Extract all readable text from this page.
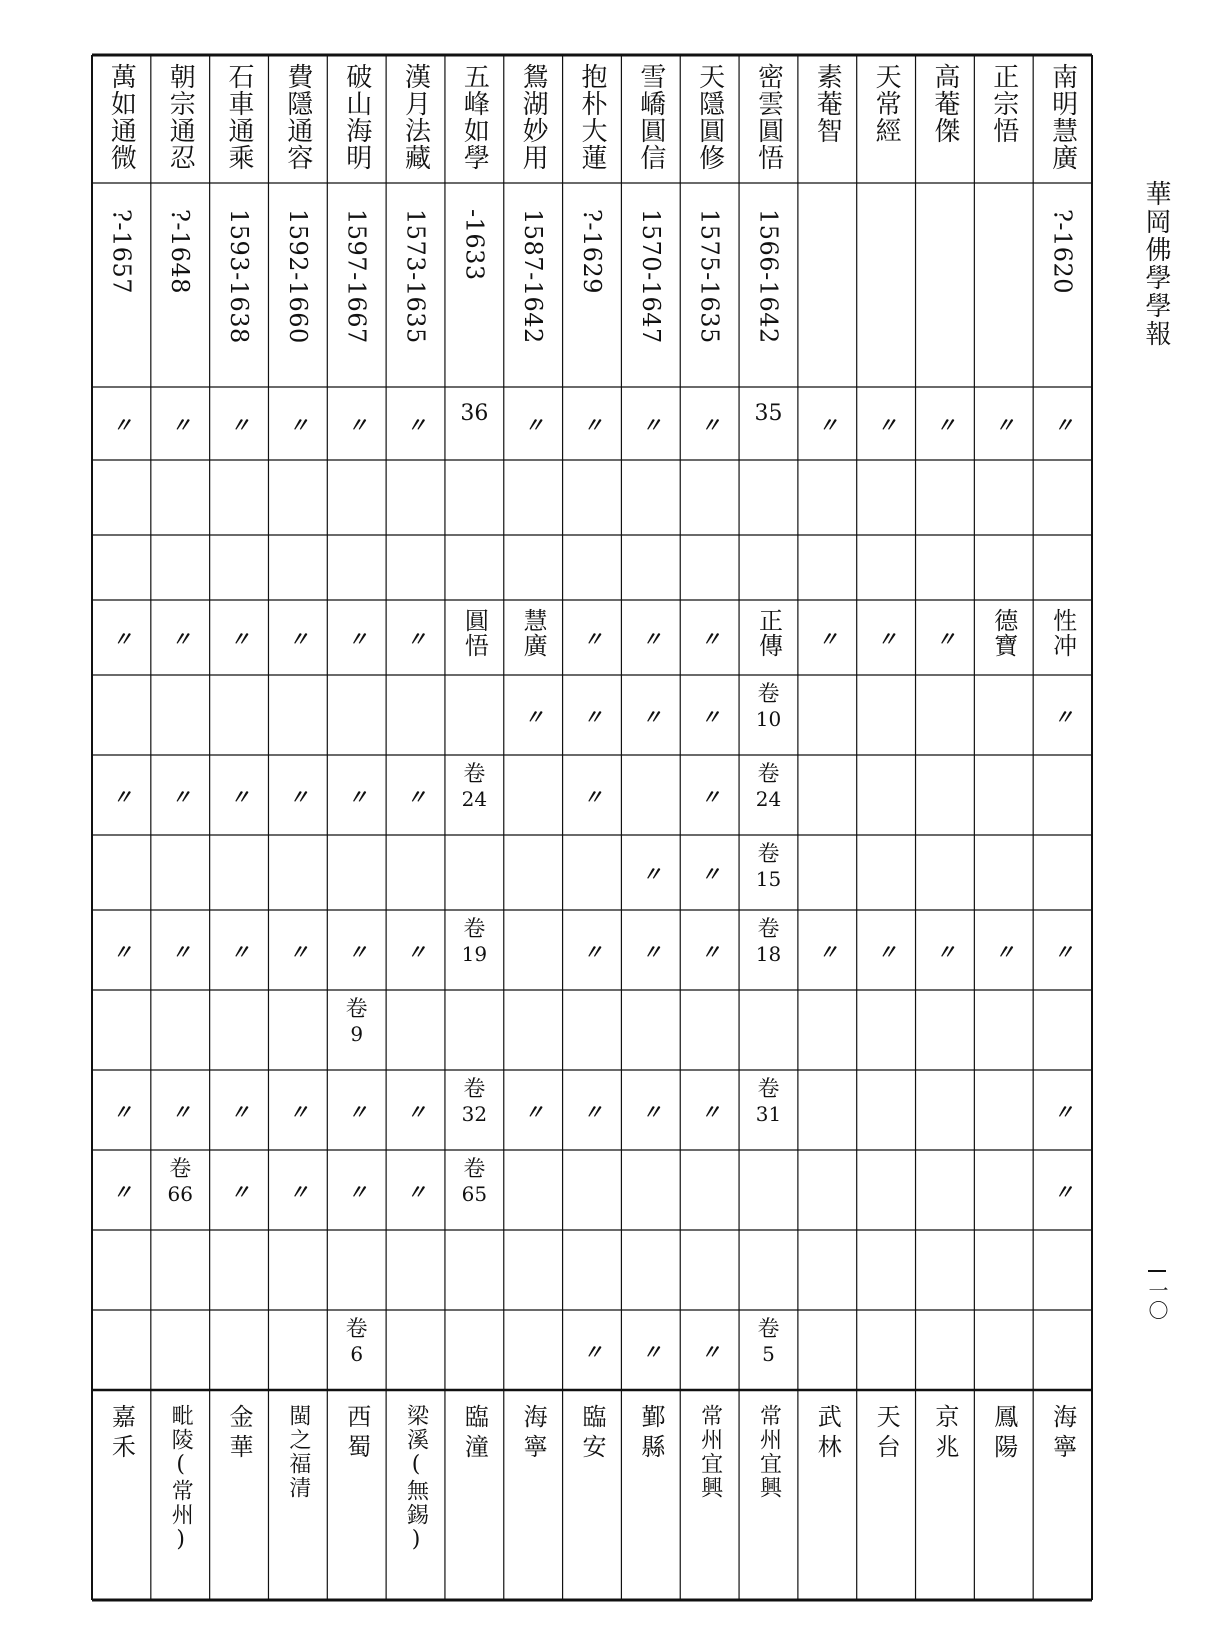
華岡佛學學報
南明慧廣
?-1620
〃
性冲
〃
〃
〃
〃
海寧
正宗悟
〃
德寶
〃
鳳陽
高菴傑
〃
〃
〃
京兆
天常經
〃
〃
〃
天台
素菴智
〃
〃
〃
武林
密雲圓悟
1566-1642
35
正傳
卷
10
卷
24
卷
15
卷
18
卷
31
卷
5
常州宜興
天隱圓修
1575-1635
〃
〃
〃
〃
〃
〃
〃
〃
常州宜興
雪嶠圓信
1570-1647
〃
〃
〃
〃
〃
〃
〃
鄞縣
抱朴大蓮
?-1629
〃
〃
〃
〃
〃
〃
〃
臨安
鴛湖妙用
1587-1642
〃
慧廣
〃
〃
海寧
五峰如學
-1633
36
圓悟
卷
24
卷
19
卷
32
卷
65
臨潼
漢月法藏
1573-1635
〃
〃
〃
〃
〃
〃
梁溪(無錫)
破山海明
1597-1667
〃
〃
〃
〃
卷
9
〃
〃
卷
6
西蜀
費隱通容
1592-1660
〃
〃
〃
〃
〃
〃
閩之福清
石車通乘
1593-1638
〃
〃
〃
〃
〃
〃
金華
朝宗通忍
?-1648
〃
〃
〃
〃
〃
卷
66
毗陵(常州)
萬如通微
?-1657
〃
〃
〃
〃
〃
〃
嘉禾
一〇
